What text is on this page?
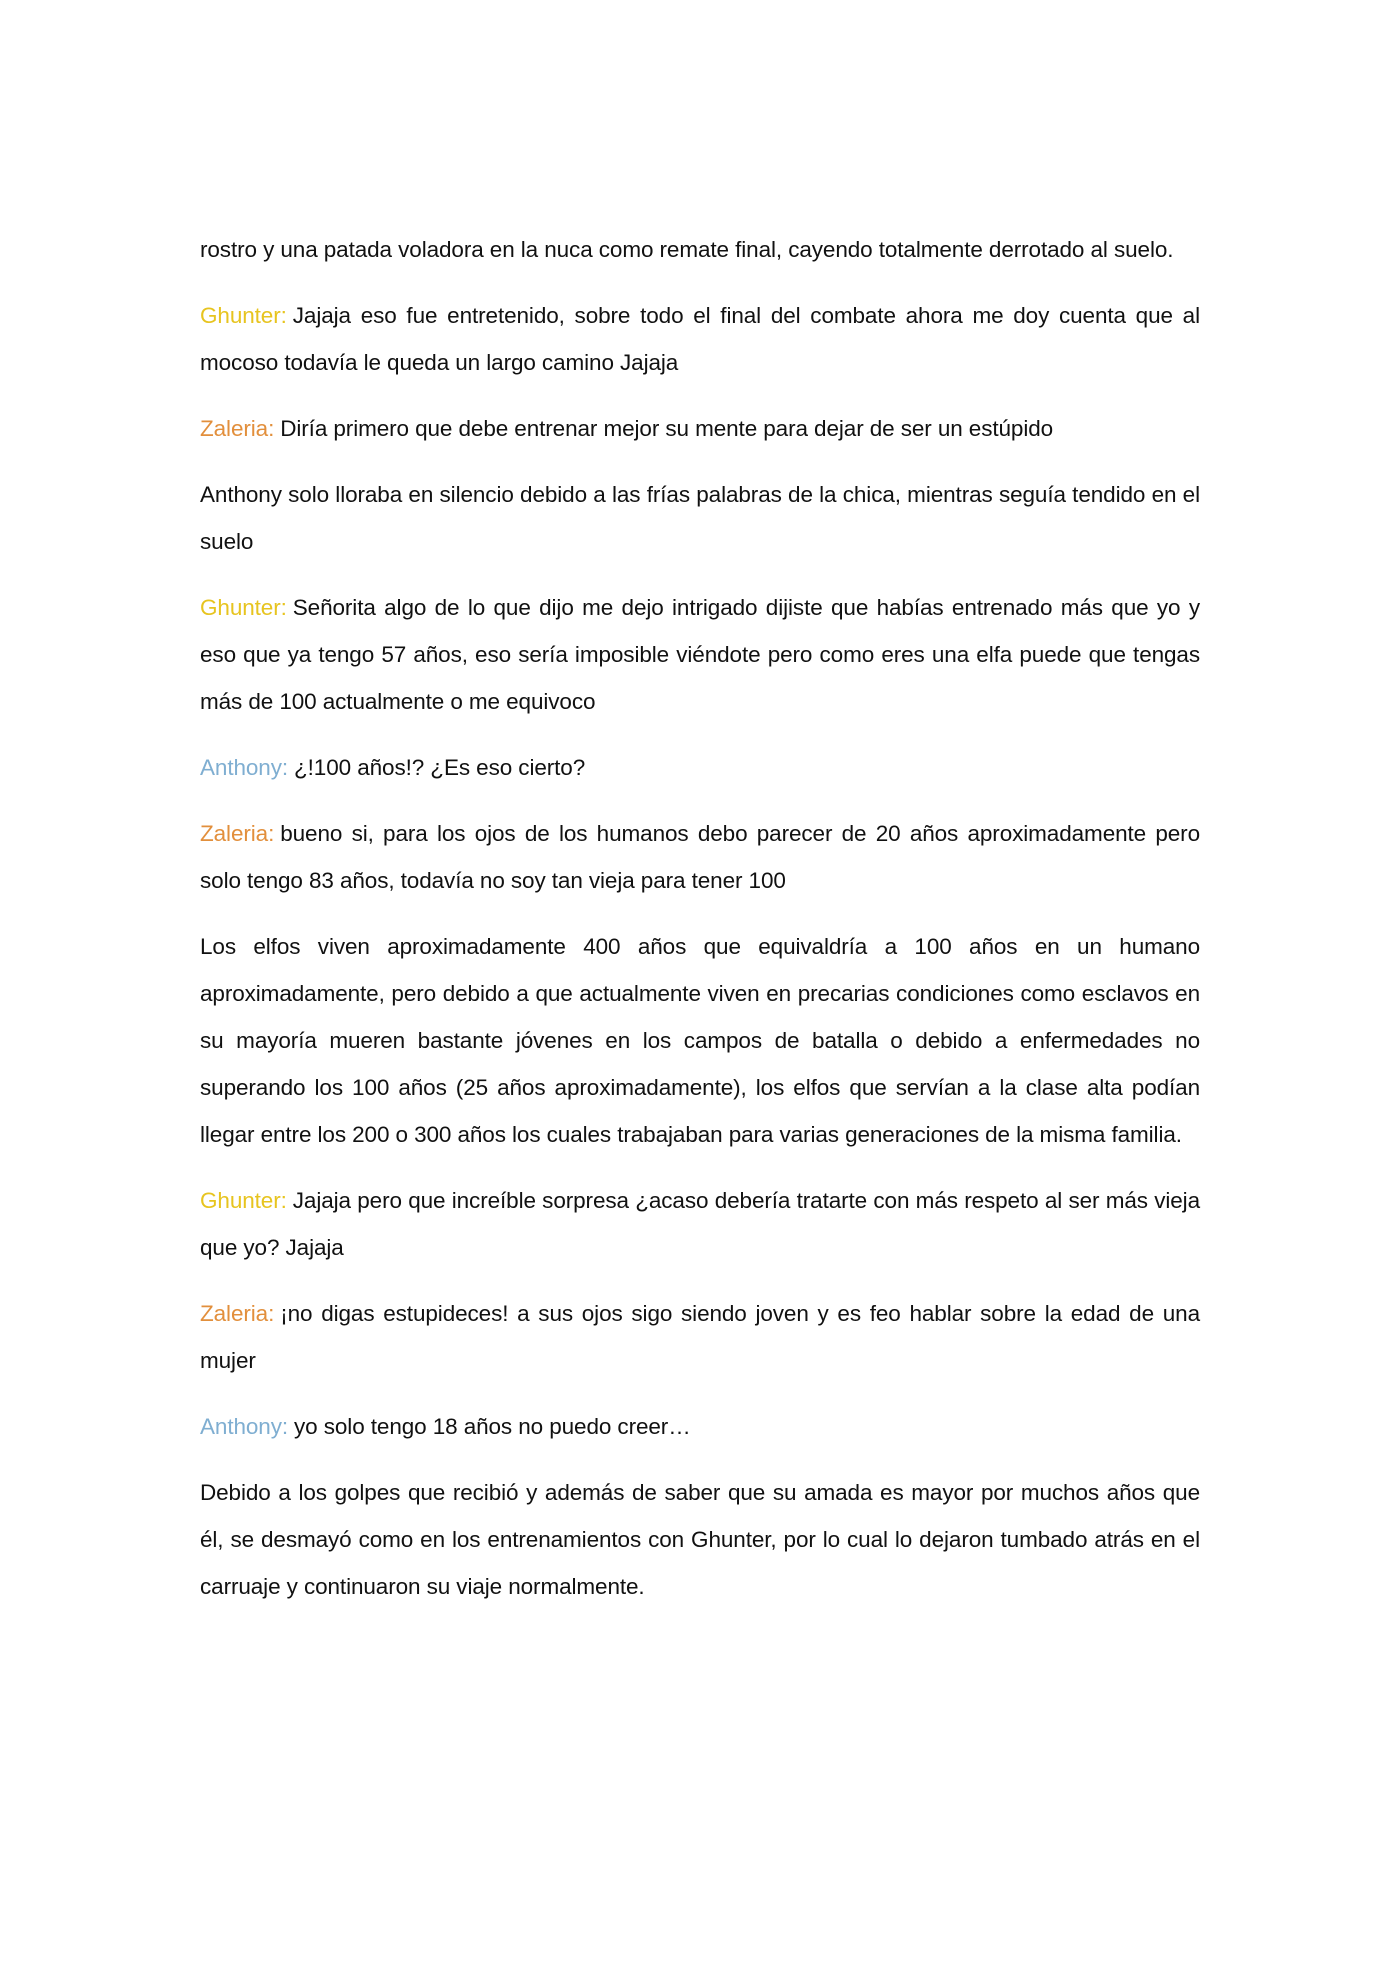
rostro y una patada voladora en la nuca como remate final, cayendo totalmente derrotado al suelo.

Ghunter: Jajaja eso fue entretenido, sobre todo el final del combate ahora me doy cuenta que al mocoso todavía le queda un largo camino Jajaja

Zaleria: Diría primero que debe entrenar mejor su mente para dejar de ser un estúpido

Anthony solo lloraba en silencio debido a las frías palabras de la chica, mientras seguía tendido en el suelo

Ghunter: Señorita algo de lo que dijo me dejo intrigado dijiste que habías entrenado más que yo y eso que ya tengo 57 años, eso sería imposible viéndote pero como eres una elfa puede que tengas más de 100 actualmente o me equivoco

Anthony: ¿!100 años!? ¿Es eso cierto?

Zaleria: bueno si, para los ojos de los humanos debo parecer de 20 años aproximadamente pero solo tengo 83 años, todavía no soy tan vieja para tener 100

Los elfos viven aproximadamente 400 años que equivaldría a 100 años en un humano aproximadamente, pero debido a que actualmente viven en precarias condiciones como esclavos en su mayoría mueren bastante jóvenes en los campos de batalla o debido a enfermedades no superando los 100 años (25 años aproximadamente), los elfos que servían a la clase alta podían llegar entre los 200 o 300 años los cuales trabajaban para varias generaciones de la misma familia.

Ghunter: Jajaja pero que increíble sorpresa ¿acaso debería tratarte con más respeto al ser más vieja que yo? Jajaja

Zaleria: ¡no digas estupideces! a sus ojos sigo siendo joven y es feo hablar sobre la edad de una mujer

Anthony: yo solo tengo 18 años no puedo creer…

Debido a los golpes que recibió y además de saber que su amada es mayor por muchos años que él, se desmayó como en los entrenamientos con Ghunter, por lo cual lo dejaron tumbado atrás en el carruaje y continuaron su viaje normalmente.
